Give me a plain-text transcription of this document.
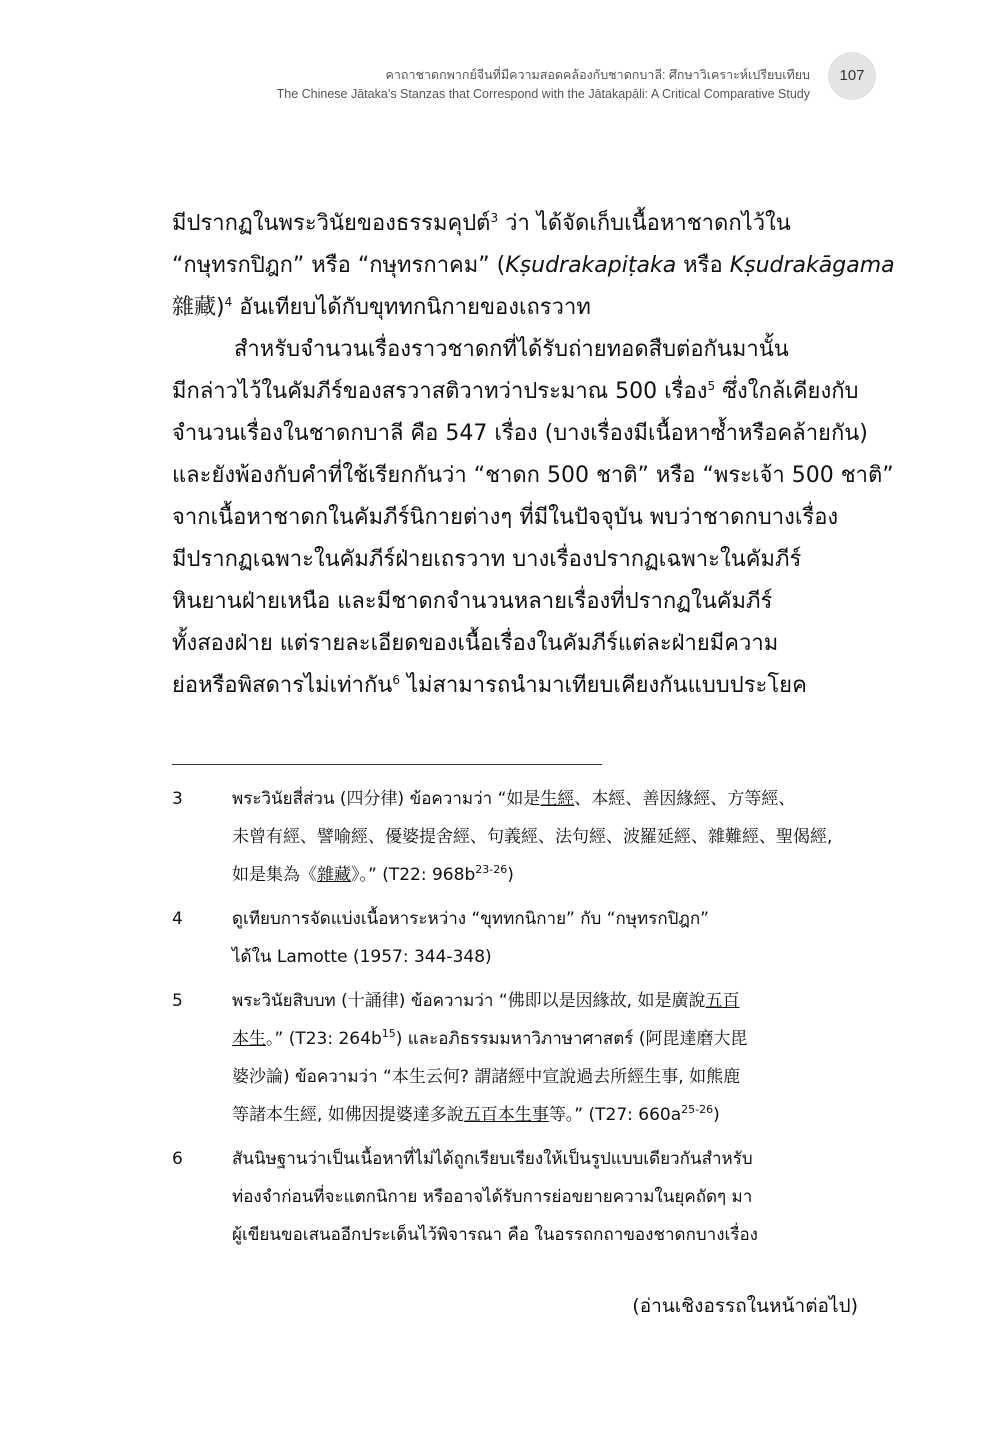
คาถาชาดกพากย์จีนที่มีความสอดคล้องกับชาดกบาลี: ศึกษาวิเคราะห์เปรียบเทียบ
The Chinese Jātaka’s Stanzas that Correspond with the Jātakapāli: A Critical Comparative Study
107
มีปรากฏในพระวินัยของธรรมคุปต์$^3$ ว่า ได้จัดเก็บเนื้อหาชาดกไว้ใน
“กษุทรกปิฎก” หรือ “กษุทรกาคม” (Kṣudrakapiṭaka หรือ Kṣudrakāgama
雜藏)$^4$ อันเทียบได้กับขุททกนิกายของเถรวาท
สำหรับจำนวนเรื่องราวชาดกที่ได้รับถ่ายทอดสืบต่อกันมานั้น
มีกล่าวไว้ในคัมภีร์ของสรวาสติวาทว่าประมาณ 500 เรื่อง$^5$ ซึ่งใกล้เคียงกับ
จำนวนเรื่องในชาดกบาลี คือ 547 เรื่อง (บางเรื่องมีเนื้อหาซ้ำหรือคล้ายกัน)
และยังพ้องกับคำที่ใช้เรียกกันว่า “ชาดก 500 ชาติ” หรือ “พระเจ้า 500 ชาติ”
จากเนื้อหาชาดกในคัมภีร์นิกายต่างๆ ที่มีในปัจจุบัน พบว่าชาดกบางเรื่อง
มีปรากฏเฉพาะในคัมภีร์ฝ่ายเถรวาท บางเรื่องปรากฏเฉพาะในคัมภีร์
หินยานฝ่ายเหนือ และมีชาดกจำนวนหลายเรื่องที่ปรากฏในคัมภีร์
ทั้งสองฝ่าย แต่รายละเอียดของเนื้อเรื่องในคัมภีร์แต่ละฝ่ายมีความ
ย่อหรือพิสดารไม่เท่ากัน$^6$ ไม่สามารถนำมาเทียบเคียงกันแบบประโยค
3	พระวินัยสี่ส่วน (四分律) ข้อความว่า “如是生經、本經、善因緣經、方等經、
未曾有經、譬喻經、優婆提舍經、句義經、法句經、波羅延經、雜難經、聖偈經,
如是集為《雜藏》。” (T22: $968b^{23-26}$)
4	ดูเทียบการจัดแบ่งเนื้อหาระหว่าง “ขุททกนิกาย” กับ “กษุทรกปิฎก”
ได้ใน Lamotte (1957: 344-348)
5	พระวินัยสิบบท (十誦律) ข้อความว่า “佛即以是因緣故, 如是廣說五百
本生。” (T23: $264b^{15}$) และอภิธรรมมหาวิภาษาศาสตร์ (阿毘達磨大毘
婆沙論) ข้อความว่า “本生云何? 謂諸經中宣說過去所經生事, 如熊鹿
等諸本生經, 如佛因提婆達多說五百本生事等。” (T27: $660a^{25-26}$)
6	สันนิษฐานว่าเป็นเนื้อหาที่ไม่ได้ถูกเรียบเรียงให้เป็นรูปแบบเดียวกันสำหรับ
ท่องจำก่อนที่จะแตกนิกาย หรืออาจได้รับการย่อขยายความในยุคถัดๆ มา
ผู้เขียนขอเสนออีกประเด็นไว้พิจารณา คือ ในอรรถกถาของชาดกบางเรื่อง
(อ่านเชิงอรรถในหน้าต่อไป)
